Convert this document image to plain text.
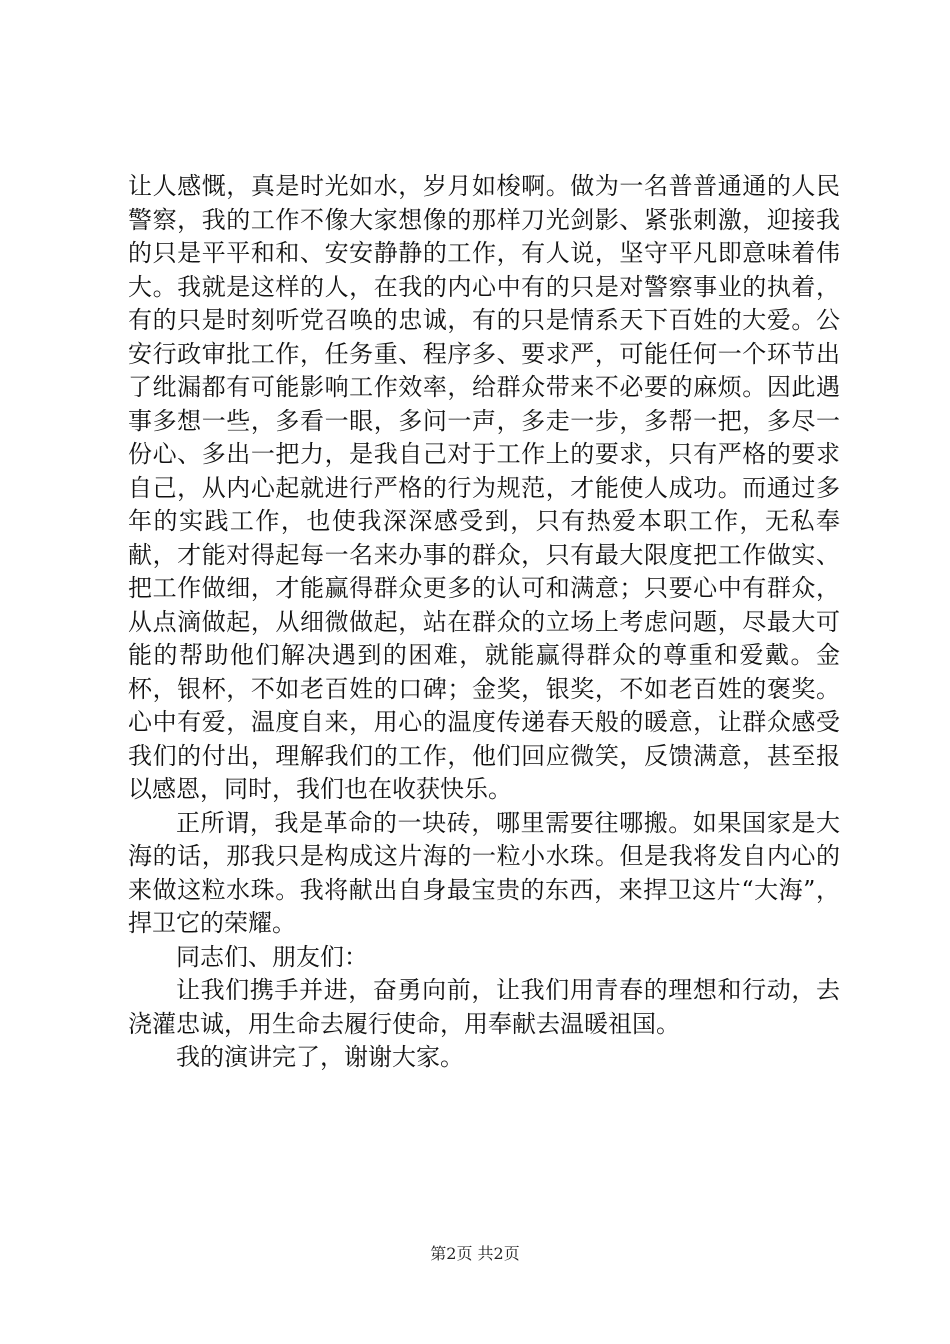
让人感慨，真是时光如水，岁月如梭啊。做为一名普普通通的人民警察，我的工作不像大家想像的那样刀光剑影、紧张刺激，迎接我的只是平平和和、安安静静的工作，有人说，坚守平凡即意味着伟大。我就是这样的人，在我的内心中有的只是对警察事业的执着，有的只是时刻听党召唤的忠诚，有的只是情系天下百姓的大爱。公安行政审批工作，任务重、程序多、要求严，可能任何一个环节出了纰漏都有可能影响工作效率，给群众带来不必要的麻烦。因此遇事多想一些，多看一眼，多问一声，多走一步，多帮一把，多尽一份心、多出一把力，是我自己对于工作上的要求，只有严格的要求自己，从内心起就进行严格的行为规范，才能使人成功。而通过多年的实践工作，也使我深深感受到，只有热爱本职工作，无私奉献，才能对得起每一名来办事的群众，只有最大限度把工作做实、把工作做细，才能赢得群众更多的认可和满意；只要心中有群众，从点滴做起，从细微做起，站在群众的立场上考虑问题，尽最大可能的帮助他们解决遇到的困难，就能赢得群众的尊重和爱戴。金杯，银杯，不如老百姓的口碑；金奖，银奖，不如老百姓的褒奖。心中有爱，温度自来，用心的温度传递春天般的暖意，让群众感受我们的付出，理解我们的工作，他们回应微笑，反馈满意，甚至报以感恩，同时，我们也在收获快乐。

正所谓，我是革命的一块砖，哪里需要往哪搬。如果国家是大海的话，那我只是构成这片海的一粒小水珠。但是我将发自内心的来做这粒水珠。我将献出自身最宝贵的东西，来捍卫这片“大海”，捍卫它的荣耀。

同志们、朋友们：

让我们携手并进，奋勇向前，让我们用青春的理想和行动，去浇灌忠诚，用生命去履行使命，用奉献去温暖祖国。

我的演讲完了，谢谢大家。

第2页 共2页
